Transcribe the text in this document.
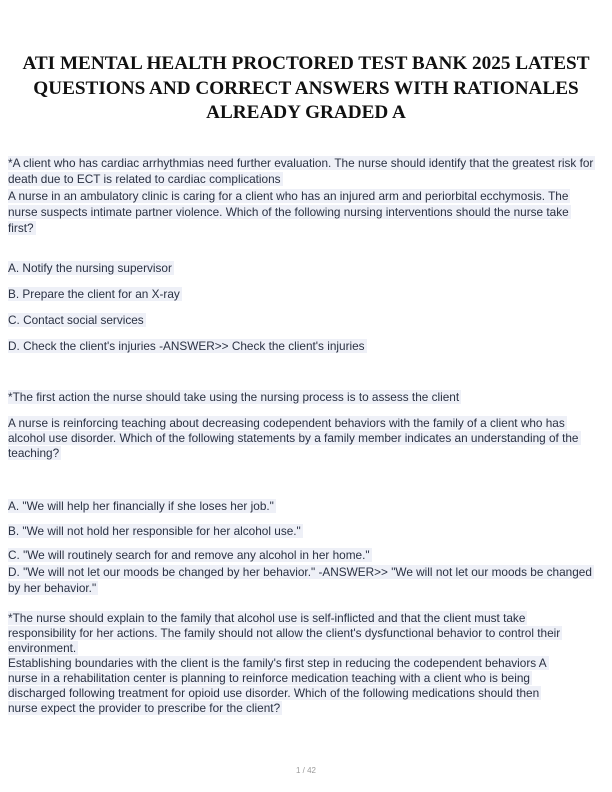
ATI MENTAL HEALTH PROCTORED TEST BANK 2025 LATEST
QUESTIONS AND CORRECT ANSWERS WITH RATIONALES
ALREADY GRADED A
*A client who has cardiac arrhythmias need further evaluation. The nurse should identify that the greatest risk for
death due to ECT is related to cardiac complications
A nurse in an ambulatory clinic is caring for a client who has an injured arm and periorbital ecchymosis. The
nurse suspects intimate partner violence. Which of the following nursing interventions should the nurse take
first?
A. Notify the nursing supervisor
B. Prepare the client for an X-ray
C. Contact social services
D. Check the client's injuries -ANSWER>> Check the client's injuries
*The first action the nurse should take using the nursing process is to assess the client
A nurse is reinforcing teaching about decreasing codependent behaviors with the family of a client who has
alcohol use disorder. Which of the following statements by a family member indicates an understanding of the
teaching?
A. "We will help her financially if she loses her job."
B. "We will not hold her responsible for her alcohol use."
C. "We will routinely search for and remove any alcohol in her home."
D. "We will not let our moods be changed by her behavior." -ANSWER>> "We will not let our moods be changed
by her behavior."
*The nurse should explain to the family that alcohol use is self-inflicted and that the client must take
responsibility for her actions. The family should not allow the client's dysfunctional behavior to control their
environment.
Establishing boundaries with the client is the family's first step in reducing the codependent behaviors A
nurse in a rehabilitation center is planning to reinforce medication teaching with a client who is being
discharged following treatment for opioid use disorder. Which of the following medications should then
nurse expect the provider to prescribe for the client?
1 / 42
